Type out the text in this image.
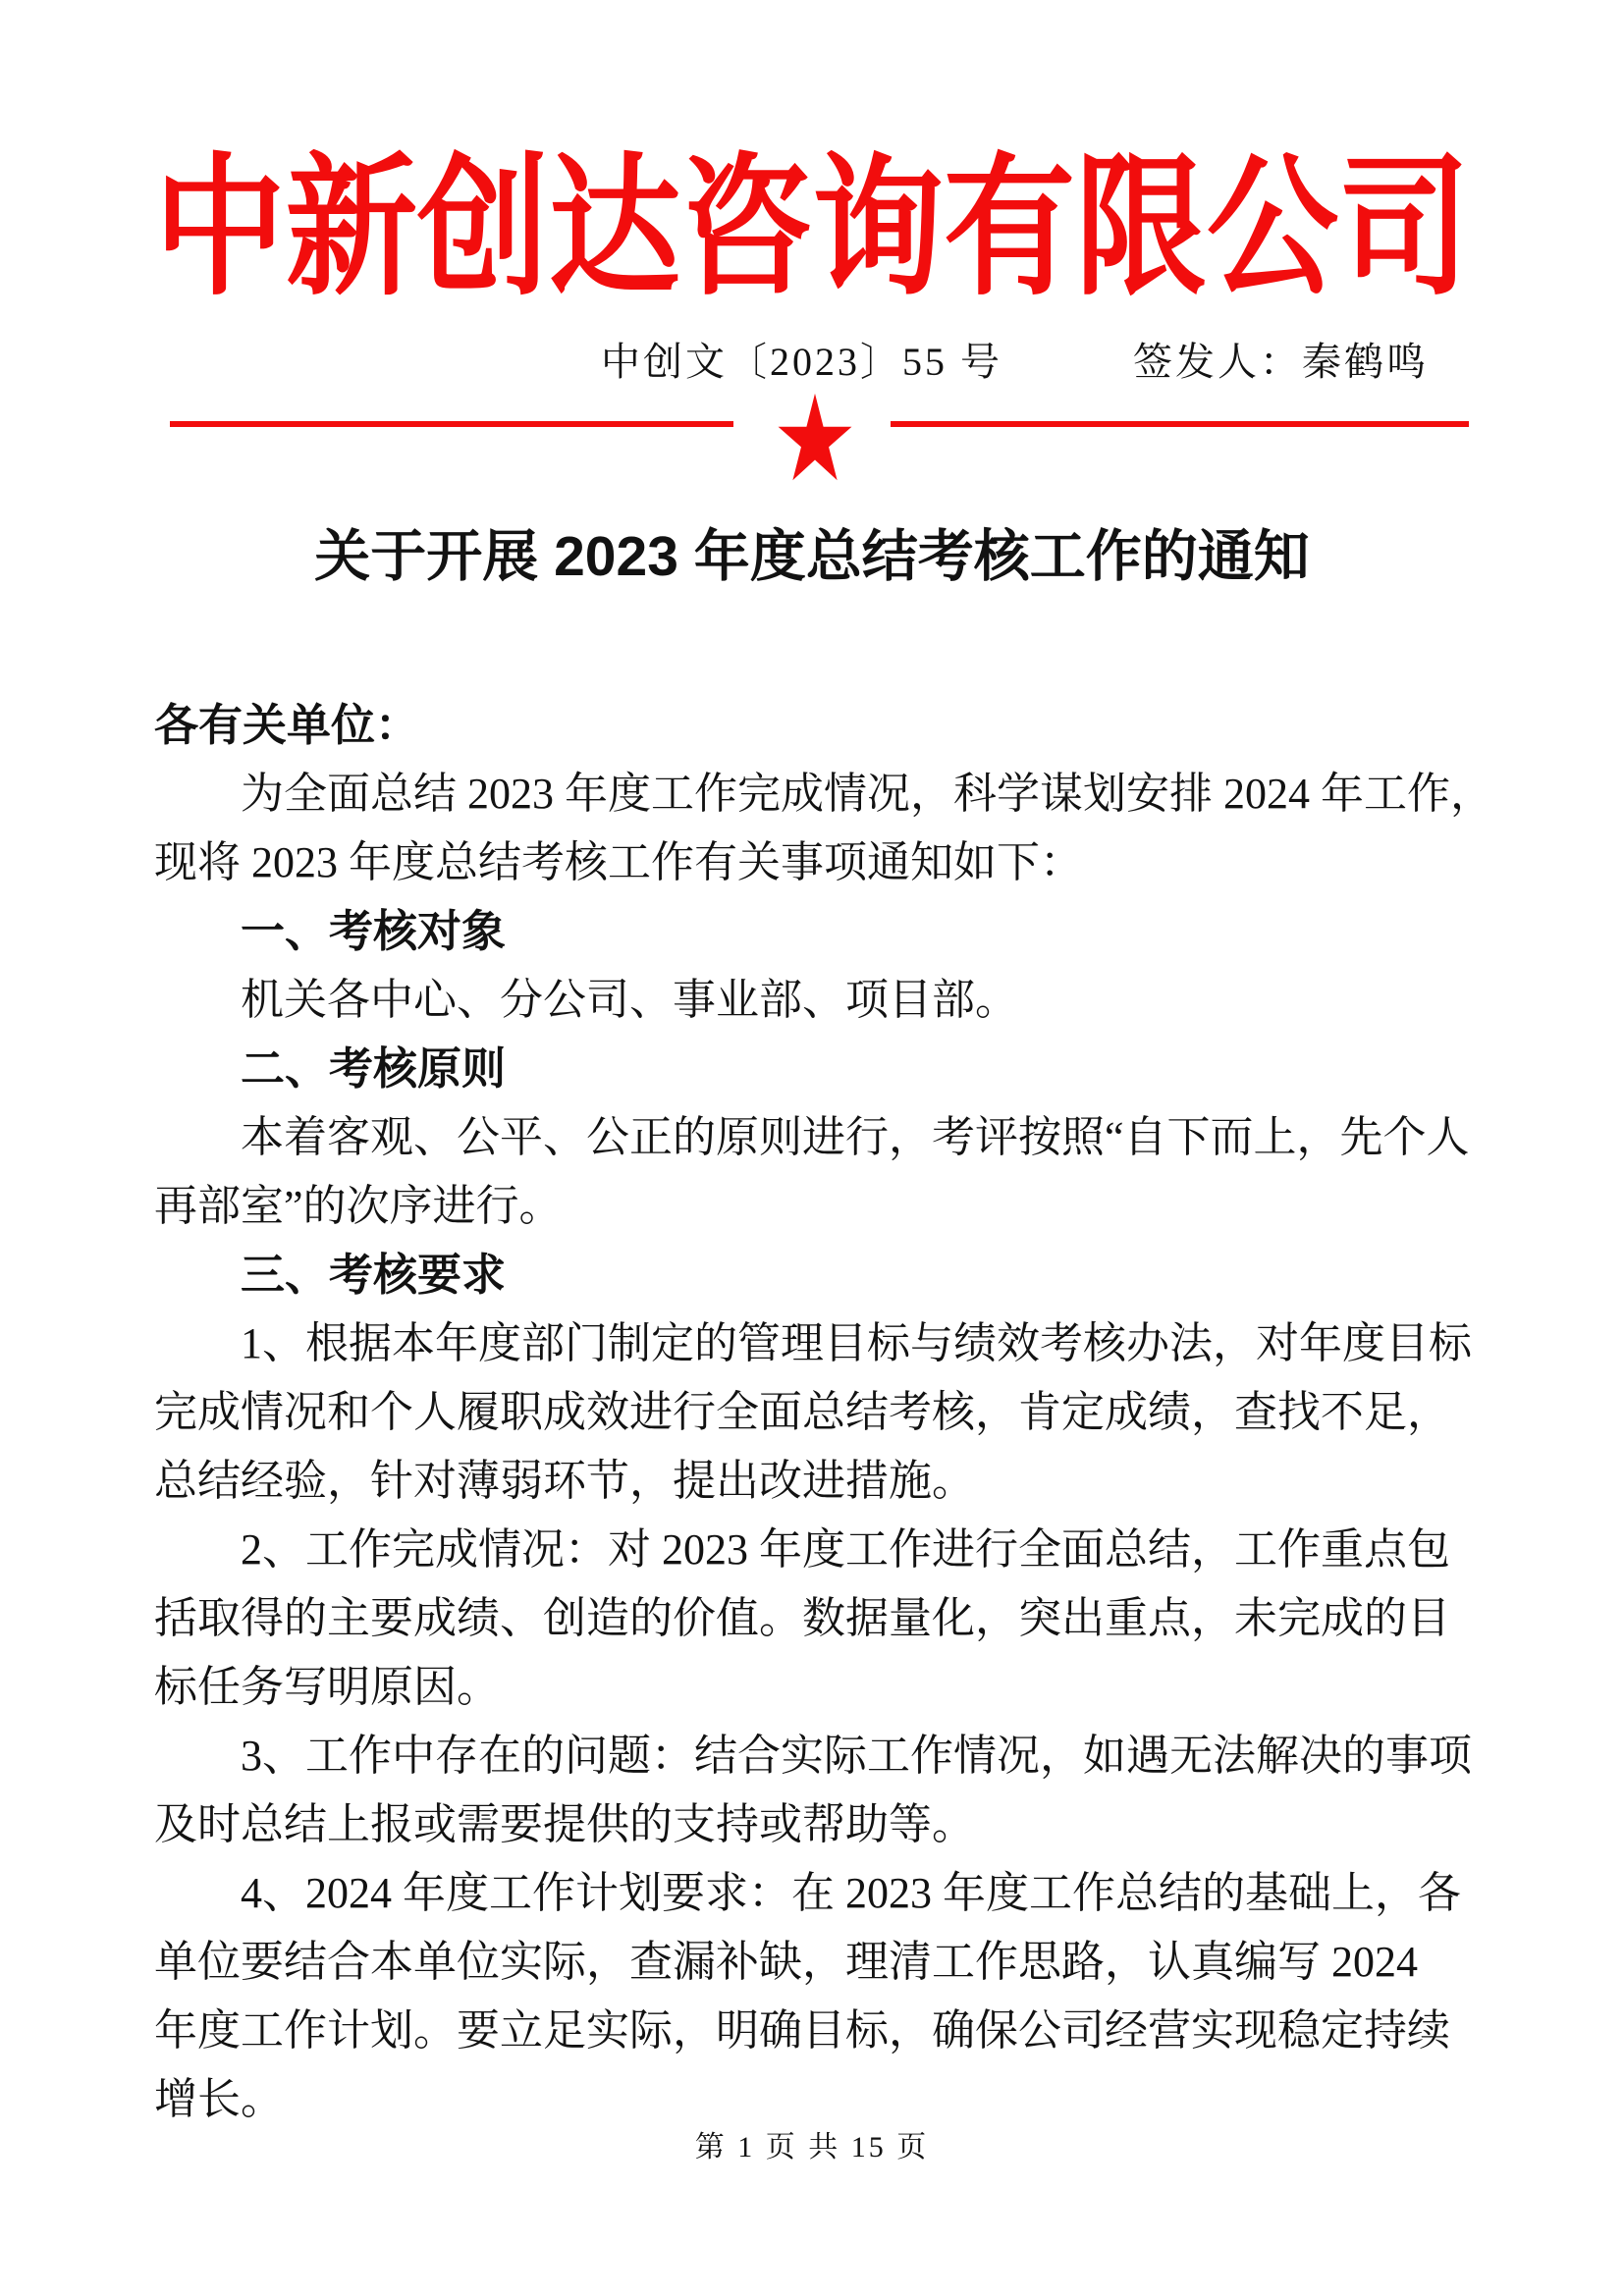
中新创达咨询有限公司
中创文〔2023〕55 号	签发人：秦鹤鸣
关于开展 2023 年度总结考核工作的通知
各有关单位：
为全面总结 2023 年度工作完成情况，科学谋划安排 2024 年工作，
现将 2023 年度总结考核工作有关事项通知如下：
一、考核对象
机关各中心、分公司、事业部、项目部。
二、考核原则
本着客观、公平、公正的原则进行，考评按照“自下而上，先个人
再部室”的次序进行。
三、考核要求
1、根据本年度部门制定的管理目标与绩效考核办法，对年度目标
完成情况和个人履职成效进行全面总结考核，肯定成绩，查找不足，
总结经验，针对薄弱环节，提出改进措施。
2、工作完成情况：对 2023 年度工作进行全面总结，工作重点包
括取得的主要成绩、创造的价值。数据量化，突出重点，未完成的目
标任务写明原因。
3、工作中存在的问题：结合实际工作情况，如遇无法解决的事项
及时总结上报或需要提供的支持或帮助等。
4、2024 年度工作计划要求：在 2023 年度工作总结的基础上，各
单位要结合本单位实际，查漏补缺，理清工作思路，认真编写 2024
年度工作计划。要立足实际，明确目标，确保公司经营实现稳定持续
增长。
第 1 页 共 15 页
